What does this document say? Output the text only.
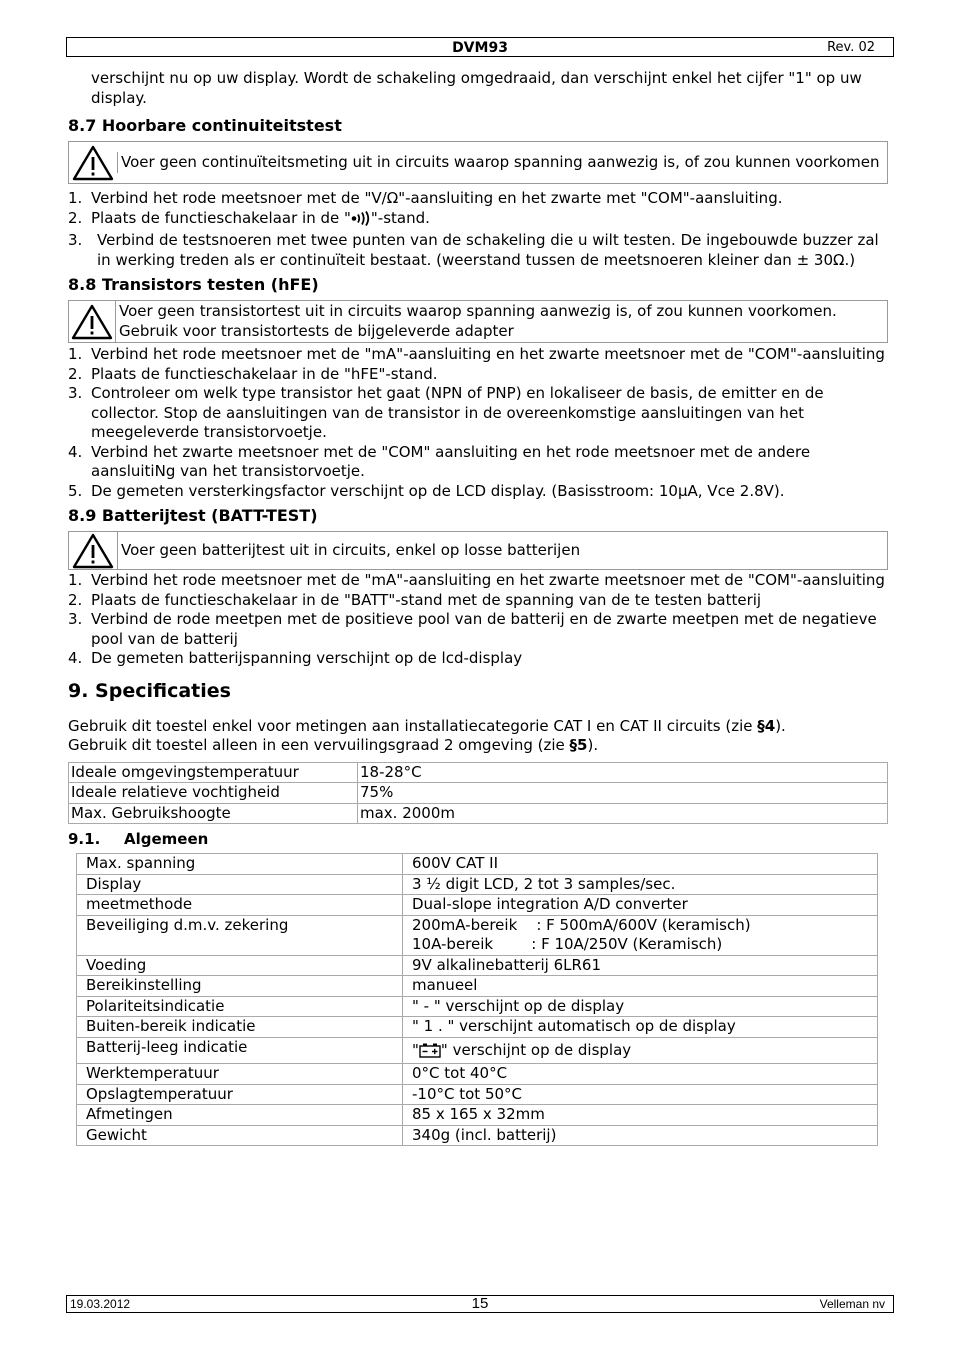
DVM93	Rev. 02

verschijnt nu op uw display. Wordt de schakeling omgedraaid, dan verschijnt enkel het cijfer "1" op uw display.

8.7 Hoorbare continuiteitstest
Voer geen continuïteitsmeting uit in circuits waarop spanning aanwezig is, of zou kunnen voorkomen
1. Verbind het rode meetsnoer met de "V/Ω"-aansluiting en het zwarte met "COM"-aansluiting.
2. Plaats de functieschakelaar in de " "-stand.
3. Verbind de testsnoeren met twee punten van de schakeling die u wilt testen. De ingebouwde buzzer zal in werking treden als er continuïteit bestaat. (weerstand tussen de meetsnoeren kleiner dan ± 30Ω.)
8.8 Transistors testen (hFE)
Voer geen transistortest uit in circuits waarop spanning aanwezig is, of zou kunnen voorkomen. Gebruik voor transistortests de bijgeleverde adapter
1. Verbind het rode meetsnoer met de "mA"-aansluiting en het zwarte meetsnoer met de "COM"-aansluiting
2. Plaats de functieschakelaar in de "hFE"-stand.
3. Controleer om welk type transistor het gaat (NPN of PNP) en lokaliseer de basis, de emitter en de collector. Stop de aansluitingen van de transistor in de overeenkomstige aansluitingen van het meegeleverde transistorvoetje.
4. Verbind het zwarte meetsnoer met de "COM" aansluiting en het rode meetsnoer met de andere aansluitiNg van het transistorvoetje.
5. De gemeten versterkingsfactor verschijnt op de LCD display. (Basisstroom: 10µA, Vce 2.8V).
8.9 Batterijtest (BATT-TEST)
Voer geen batterijtest uit in circuits, enkel op losse batterijen
1. Verbind het rode meetsnoer met de "mA"-aansluiting en het zwarte meetsnoer met de "COM"-aansluiting
2. Plaats de functieschakelaar in de "BATT"-stand met de spanning van de te testen batterij
3. Verbind de rode meetpen met de positieve pool van de batterij en de zwarte meetpen met de negatieve pool van de batterij
4. De gemeten batterijspanning verschijnt op de lcd-display
9. Specificaties

Gebruik dit toestel enkel voor metingen aan installatiecategorie CAT I en CAT II circuits (zie §4).

Gebruik dit toestel alleen in een vervuilingsgraad 2 omgeving (zie §5).

Ideale omgevingstemperatuur	18-28°C
Ideale relatieve vochtigheid	75%
Max. Gebruikshoogte	max. 2000m
9.1. Algemeen
Max. spanning	600V CAT II
Display	3 ½ digit LCD, 2 tot 3 samples/sec.
meetmethode	Dual-slope integration A/D converter
Beveiliging d.m.v. zekering	200mA-bereik    : F 500mA/600V (keramisch)
10A-bereik        : F 10A/250V (Keramisch)

Voeding	9V alkalinebatterij 6LR61
Bereikinstelling	manueel
Polariteitsindicatie	" - " verschijnt op de display
Buiten-bereik indicatie	" 1 . " verschijnt automatisch op de display
Batterij-leeg indicatie	" " verschijnt op de display
Werktemperatuur	0°C tot 40°C
Opslagtemperatuur	-10°C tot 50°C
Afmetingen	85 x 165 x 32mm
Gewicht	340g (incl. batterij)
19.03.2012	15	Velleman nv
